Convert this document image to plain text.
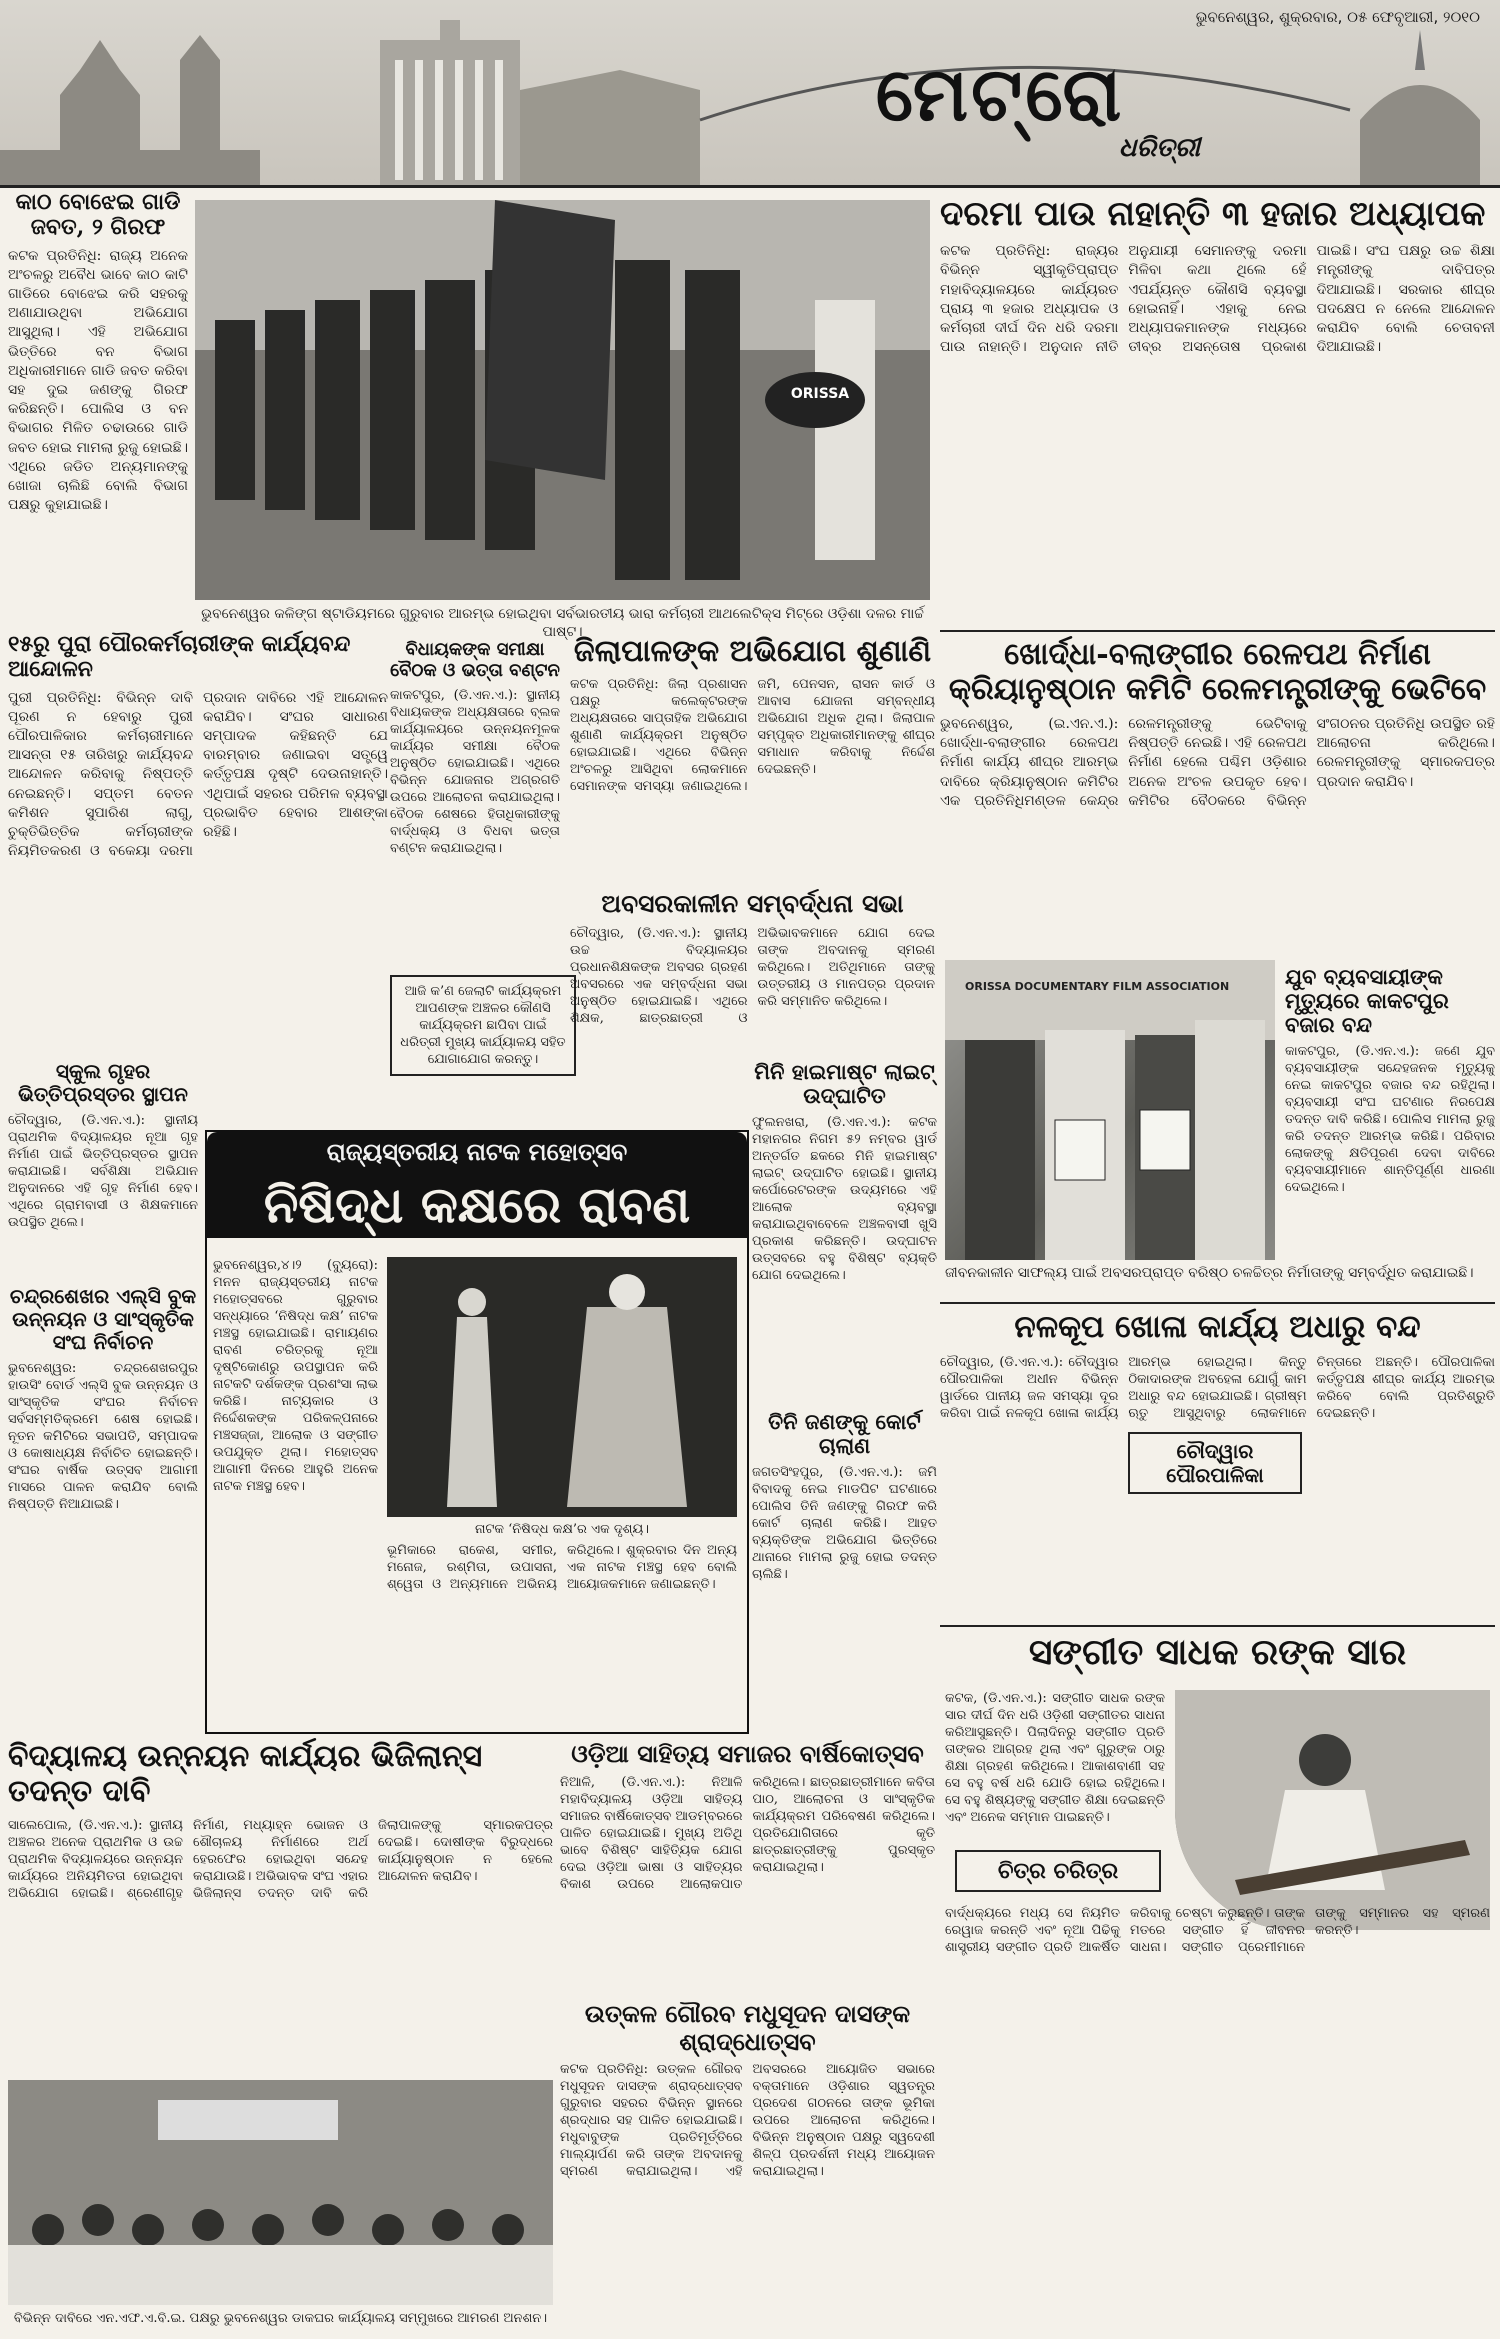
ଭୁବନେଶ୍ୱର, ଶୁକ୍ରବାର, ୦୫ ଫେବୃଆରୀ, ୨୦୧୦
ମେଟ୍ରୋ
ଧରିତ୍ରୀ
କାଠ ବୋଝେଇ ଗାଡି ଜବତ, ୨ ଗିରଫ
କଟକ ପ୍ରତିନିଧି: ରାଜ୍ୟ ଅନେକ ଅଂଚଳରୁ ଅବୈଧ ଭାବେ କାଠ କାଟି ଗାଡିରେ ବୋଝେଇ କରି ସହରକୁ ଅଣାଯାଉଥିବା ଅଭିଯୋଗ ଆସୁଥିଲା। ଏହି ଅଭିଯୋଗ ଭିତ୍ତିରେ ବନ ବିଭାଗ ଅଧିକାରୀମାନେ ଗାଡି ଜବତ କରିବା ସହ ଦୁଇ ଜଣଙ୍କୁ ଗିରଫ କରିଛନ୍ତି। ପୋଲିସ ଓ ବନ ବିଭାଗର ମିଳିତ ଚଢାଉରେ ଗାଡି ଜବତ ହୋଇ ମାମଲା ରୁଜୁ ହୋଇଛି। ଏଥିରେ ଜଡିତ ଅନ୍ୟମାନଙ୍କୁ ଖୋଜା ଚାଲିଛି ବୋଲି ବିଭାଗ ପକ୍ଷରୁ କୁହାଯାଇଛି।
ORISSA
ଭୁବନେଶ୍ୱର କଳିଙ୍ଗ ଷ୍ଟାଡିୟମରେ ଗୁରୁବାର ଆରମ୍ଭ ହୋଇଥିବା ସର୍ବଭାରତୀୟ ଭାରା କର୍ମଚାରୀ ଆଥଲେଟିକ୍ସ ମିଟ୍‌ରେ ଓଡ଼ିଶା ଦଳର ମାର୍ଚ୍ଚ ପାଷ୍ଟ।
ଦରମା ପାଉ ନାହାନ୍ତି ୩ ହଜାର ଅଧ୍ୟାପକ
କଟକ ପ୍ରତିନିଧି: ରାଜ୍ୟର ବିଭିନ୍ନ ସ୍ୱୀକୃତିପ୍ରାପ୍ତ ମହାବିଦ୍ୟାଳୟରେ କାର୍ଯ୍ୟରତ ପ୍ରାୟ ୩ ହଜାର ଅଧ୍ୟାପକ ଓ କର୍ମଚାରୀ ଦୀର୍ଘ ଦିନ ଧରି ଦରମା ପାଉ ନାହାନ୍ତି। ଅନୁଦାନ ନୀତି ଅନୁଯାୟୀ ସେମାନଙ୍କୁ ଦରମା ମିଳିବା କଥା ଥିଲେ ହେଁ ଏପର୍ଯ୍ୟନ୍ତ କୌଣସି ବ୍ୟବସ୍ଥା ହୋଇନାହିଁ। ଏହାକୁ ନେଇ ଅଧ୍ୟାପକମାନଙ୍କ ମଧ୍ୟରେ ତୀବ୍ର ଅସନ୍ତୋଷ ପ୍ରକାଶ ପାଇଛି। ସଂଘ ପକ୍ଷରୁ ଉଚ୍ଚ ଶିକ୍ଷା ମନ୍ତ୍ରୀଙ୍କୁ ଦାବିପତ୍ର ଦିଆଯାଇଛି। ସରକାର ଶୀଘ୍ର ପଦକ୍ଷେପ ନ ନେଲେ ଆନ୍ଦୋଳନ କରାଯିବ ବୋଲି ଚେତାବନୀ ଦିଆଯାଇଛି।
ଖୋର୍ଦ୍ଧା-ବଲାଙ୍ଗୀର ରେଳପଥ ନିର୍ମାଣ
କ୍ରିୟାନୁଷ୍ଠାନ କମିଟି ରେଳମନ୍ତ୍ରୀଙ୍କୁ ଭେଟିବେ
ଭୁବନେଶ୍ୱର, (ଇ.ଏନ.ଏ.): ଖୋର୍ଦ୍ଧା-ବଲାଙ୍ଗୀର ରେଳପଥ ନିର୍ମାଣ କାର୍ଯ୍ୟ ଶୀଘ୍ର ଆରମ୍ଭ ଦାବିରେ କ୍ରିୟାନୁଷ୍ଠାନ କମିଟିର ଏକ ପ୍ରତିନିଧିମଣ୍ଡଳ କେନ୍ଦ୍ର ରେଳମନ୍ତ୍ରୀଙ୍କୁ ଭେଟିବାକୁ ନିଷ୍ପତ୍ତି ନେଇଛି। ଏହି ରେଳପଥ ନିର୍ମାଣ ହେଲେ ପଶ୍ଚିମ ଓଡ଼ିଶାର ଅନେକ ଅଂଚଳ ଉପକୃତ ହେବ। କମିଟିର ବୈଠକରେ ବିଭିନ୍ନ ସଂଗଠନର ପ୍ରତିନିଧି ଉପସ୍ଥିତ ରହି ଆଲୋଚନା କରିଥିଲେ। ରେଳମନ୍ତ୍ରୀଙ୍କୁ ସ୍ମାରକପତ୍ର ପ୍ରଦାନ କରାଯିବ।
ORISSA DOCUMENTARY FILM ASSOCIATION
ଜୀବନକାଳୀନ ସାଫଲ୍ୟ ପାଇଁ ଅବସରପ୍ରାପ୍ତ ବରିଷ୍ଠ ଚଳଚ୍ଚିତ୍ର ନିର୍ମାତାଙ୍କୁ ସମ୍ବର୍ଦ୍ଧିତ କରାଯାଇଛି।
ଯୁବ ବ୍ୟବସାୟୀଙ୍କ ମୃତ୍ୟୁରେ କାକଟପୁର ବଜାର ବନ୍ଦ
କାକଟପୁର, (ଡି.ଏନ.ଏ.): ଜଣେ ଯୁବ ବ୍ୟବସାୟୀଙ୍କ ସନ୍ଦେହଜନକ ମୃତ୍ୟୁକୁ ନେଇ କାକଟପୁର ବଜାର ବନ୍ଦ ରହିଥିଲା। ବ୍ୟବସାୟୀ ସଂଘ ଘଟଣାର ନିରପେକ୍ଷ ତଦନ୍ତ ଦାବି କରିଛି। ପୋଲିସ ମାମଲା ରୁଜୁ କରି ତଦନ୍ତ ଆରମ୍ଭ କରିଛି। ପରିବାର ଲୋକଙ୍କୁ କ୍ଷତିପୂରଣ ଦେବା ଦାବିରେ ବ୍ୟବସାୟୀମାନେ ଶାନ୍ତିପୂର୍ଣ୍ଣ ଧାରଣା ଦେଇଥିଲେ।
୧୫ରୁ ପୁରା ପୌରକର୍ମଚାରୀଙ୍କ କାର୍ଯ୍ୟବନ୍ଦ ଆନ୍ଦୋଳନ
ପୁରୀ ପ୍ରତିନିଧି: ବିଭିନ୍ନ ଦାବି ପୂରଣ ନ ହେବାରୁ ପୁରୀ ପୌରପାଳିକାର କର୍ମଚାରୀମାନେ ଆସନ୍ତା ୧୫ ତାରିଖରୁ କାର୍ଯ୍ୟବନ୍ଦ ଆନ୍ଦୋଳନ କରିବାକୁ ନିଷ୍ପତ୍ତି ନେଇଛନ୍ତି। ସପ୍ତମ ବେତନ କମିଶନ ସୁପାରିଶ ଲାଗୁ, ଚୁକ୍ତିଭିତ୍ତିକ କର୍ମଚାରୀଙ୍କ ନିୟମିତକରଣ ଓ ବକେୟା ଦରମା ପ୍ରଦାନ ଦାବିରେ ଏହି ଆନ୍ଦୋଳନ କରାଯିବ। ସଂଘର ସାଧାରଣ ସମ୍ପାଦକ କହିଛନ୍ତି ଯେ ବାରମ୍ବାର ଜଣାଇବା ସତ୍ତ୍ୱେ କର୍ତ୍ତୃପକ୍ଷ ଦୃଷ୍ଟି ଦେଉନାହାନ୍ତି। ଏଥିପାଇଁ ସହରର ପରିମଳ ବ୍ୟବସ୍ଥା ପ୍ରଭାବିତ ହେବାର ଆଶଙ୍କା ରହିଛି।
ବିଧାୟକଙ୍କ ସମୀକ୍ଷା ବୈଠକ ଓ ଭତ୍ତା ବଣ୍ଟନ
କାକଟପୁର, (ଡି.ଏନ.ଏ.): ସ୍ଥାନୀୟ ବିଧାୟକଙ୍କ ଅଧ୍ୟକ୍ଷତାରେ ବ୍ଲକ କାର୍ଯ୍ୟାଳୟରେ ଉନ୍ନୟନମୂଳକ କାର୍ଯ୍ୟର ସମୀକ୍ଷା ବୈଠକ ଅନୁଷ୍ଠିତ ହୋଇଯାଇଛି। ଏଥିରେ ବିଭିନ୍ନ ଯୋଜନାର ଅଗ୍ରଗତି ଉପରେ ଆଲୋଚନା କରାଯାଇଥିଲା। ବୈଠକ ଶେଷରେ ହିତାଧିକାରୀଙ୍କୁ ବାର୍ଦ୍ଧକ୍ୟ ଓ ବିଧବା ଭତ୍ତା ବଣ୍ଟନ କରାଯାଇଥିଲା।
ଆଜି କ’ଣ ଜେଲାଟି କାର୍ଯ୍ୟକ୍ରମ ଆପଣଙ୍କ ଅଞ୍ଚଳର କୌଣସି କାର୍ଯ୍ୟକ୍ରମ ଛାପିବା ପାଇଁ ଧରିତ୍ରୀ ମୁଖ୍ୟ କାର୍ଯ୍ୟାଳୟ ସହିତ ଯୋଗାଯୋଗ କରନ୍ତୁ।
ଜିଲାପାଳଙ୍କ ଅଭିଯୋଗ ଶୁଣାଣି
କଟକ ପ୍ରତିନିଧି: ଜିଲା ପ୍ରଶାସନ ପକ୍ଷରୁ କଲେକ୍ଟରଙ୍କ ଅଧ୍ୟକ୍ଷତାରେ ସାପ୍ତାହିକ ଅଭିଯୋଗ ଶୁଣାଣି କାର୍ଯ୍ୟକ୍ରମ ଅନୁଷ୍ଠିତ ହୋଇଯାଇଛି। ଏଥିରେ ବିଭିନ୍ନ ଅଂଚଳରୁ ଆସିଥିବା ଲୋକମାନେ ସେମାନଙ୍କ ସମସ୍ୟା ଜଣାଇଥିଲେ। ଜମି, ପେନସନ, ରାସନ କାର୍ଡ ଓ ଆବାସ ଯୋଜନା ସମ୍ବନ୍ଧୀୟ ଅଭିଯୋଗ ଅଧିକ ଥିଲା। ଜିଲାପାଳ ସମ୍ପୃକ୍ତ ଅଧିକାରୀମାନଙ୍କୁ ଶୀଘ୍ର ସମାଧାନ କରିବାକୁ ନିର୍ଦ୍ଦେଶ ଦେଇଛନ୍ତି।
ଅବସରକାଳୀନ ସମ୍ବର୍ଦ୍ଧନା ସଭା
ଚୌଦ୍ୱାର, (ଡି.ଏନ.ଏ.): ସ୍ଥାନୀୟ ଉଚ୍ଚ ବିଦ୍ୟାଳୟର ପ୍ରଧାନଶିକ୍ଷକଙ୍କ ଅବସର ଗ୍ରହଣ ଅବସରରେ ଏକ ସମ୍ବର୍ଦ୍ଧନା ସଭା ଅନୁଷ୍ଠିତ ହୋଇଯାଇଛି। ଏଥିରେ ଶିକ୍ଷକ, ଛାତ୍ରଛାତ୍ରୀ ଓ ଅଭିଭାବକମାନେ ଯୋଗ ଦେଇ ତାଙ୍କ ଅବଦାନକୁ ସ୍ମରଣ କରିଥିଲେ। ଅତିଥିମାନେ ତାଙ୍କୁ ଉତ୍ତରୀୟ ଓ ମାନପତ୍ର ପ୍ରଦାନ କରି ସମ୍ମାନିତ କରିଥିଲେ।
ସ୍କୁଲ ଗୃହର ଭିତ୍ତିପ୍ରସ୍ତର ସ୍ଥାପନ
ଚୌଦ୍ୱାର, (ଡି.ଏନ.ଏ.): ସ୍ଥାନୀୟ ପ୍ରାଥମିକ ବିଦ୍ୟାଳୟର ନୂଆ ଗୃହ ନିର୍ମାଣ ପାଇଁ ଭିତ୍ତିପ୍ରସ୍ତର ସ୍ଥାପନ କରାଯାଇଛି। ସର୍ବଶିକ୍ଷା ଅଭିଯାନ ଅନୁଦାନରେ ଏହି ଗୃହ ନିର୍ମାଣ ହେବ। ଏଥିରେ ଗ୍ରାମବାସୀ ଓ ଶିକ୍ଷକମାନେ ଉପସ୍ଥିତ ଥିଲେ।
ଚନ୍ଦ୍ରଶେଖର ଏଲ୍ସି ବୁକ ଉନ୍ନୟନ ଓ ସାଂସ୍କୃତିକ ସଂଘ ନିର୍ବାଚନ
ଭୁବନେଶ୍ୱର: ଚନ୍ଦ୍ରଶେଖରପୁର ହାଉସିଂ ବୋର୍ଡ ଏଲ୍ସି ବୁକ ଉନ୍ନୟନ ଓ ସାଂସ୍କୃତିକ ସଂଘର ନିର୍ବାଚନ ସର୍ବସମ୍ମତିକ୍ରମେ ଶେଷ ହୋଇଛି। ନୂତନ କମିଟିରେ ସଭାପତି, ସମ୍ପାଦକ ଓ କୋଷାଧ୍ୟକ୍ଷ ନିର୍ବାଚିତ ହୋଇଛନ୍ତି। ସଂଘର ବାର୍ଷିକ ଉତ୍ସବ ଆଗାମୀ ମାସରେ ପାଳନ କରାଯିବ ବୋଲି ନିଷ୍ପତ୍ତି ନିଆଯାଇଛି।
ରାଜ୍ୟସ୍ତରୀୟ ନାଟକ ମହୋତ୍ସବ
ନିଷିଦ୍ଧ କକ୍ଷରେ ରାବଣ
ଭୁବନେଶ୍ୱର,୪।୨ (ବ୍ୟୁରୋ): ମନନ ରାଜ୍ୟସ୍ତରୀୟ ନାଟକ ମହୋତ୍ସବରେ ଗୁରୁବାର ସନ୍ଧ୍ୟାରେ ‘ନିଷିଦ୍ଧ କକ୍ଷ’ ନାଟକ ମଞ୍ଚସ୍ଥ ହୋଇଯାଇଛି। ରାମାୟଣର ରାବଣ ଚରିତ୍ରକୁ ନୂଆ ଦୃଷ୍ଟିକୋଣରୁ ଉପସ୍ଥାପନ କରି ନାଟକଟି ଦର୍ଶକଙ୍କ ପ୍ରଶଂସା ଲାଭ କରିଛି। ନାଟ୍ୟକାର ଓ ନିର୍ଦ୍ଦେଶକଙ୍କ ପରିକଳ୍ପନାରେ ମଞ୍ଚସଜ୍ଜା, ଆଲୋକ ଓ ସଙ୍ଗୀତ ଉପଯୁକ୍ତ ଥିଲା। ମହୋତ୍ସବ ଆଗାମୀ ଦିନରେ ଆହୁରି ଅନେକ ନାଟକ ମଞ୍ଚସ୍ଥ ହେବ।
ନାଟକ ‘ନିଷିଦ୍ଧ କକ୍ଷ’ର ଏକ ଦୃଶ୍ୟ।
ଭୂମିକାରେ ରାକେଶ, ସମୀର, ମନୋଜ, ରଶ୍ମିତା, ଉପାସନା, ଶ୍ୱେତା ଓ ଅନ୍ୟମାନେ ଅଭିନୟ କରିଥିଲେ। ଶୁକ୍ରବାର ଦିନ ଅନ୍ୟ ଏକ ନାଟକ ମଞ୍ଚସ୍ଥ ହେବ ବୋଲି ଆୟୋଜକମାନେ ଜଣାଇଛନ୍ତି।
ମିନି ହାଇମାଷ୍ଟ ଲାଇଟ୍ ଉଦ୍‌ଘାଟିତ
ଫୁଲନଖରା, (ଡି.ଏନ.ଏ.): କଟକ ମହାନଗର ନିଗମ ୫୨ ନମ୍ବର ୱାର୍ଡ ଅନ୍ତର୍ଗତ ଛକରେ ମିନି ହାଇମାଷ୍ଟ ଲାଇଟ୍ ଉଦ୍‌ଘାଟିତ ହୋଇଛି। ସ୍ଥାନୀୟ କର୍ପୋରେଟରଙ୍କ ଉଦ୍ୟମରେ ଏହି ଆଲୋକ ବ୍ୟବସ୍ଥା କରାଯାଇଥିବାବେଳେ ଅଞ୍ଚଳବାସୀ ଖୁସି ପ୍ରକାଶ କରିଛନ୍ତି। ଉଦ୍‌ଘାଟନ ଉତ୍ସବରେ ବହୁ ବିଶିଷ୍ଟ ବ୍ୟକ୍ତି ଯୋଗ ଦେଇଥିଲେ।
ତିନି ଜଣଙ୍କୁ କୋର୍ଟ ଚାଲାଣ
ଜଗତସିଂହପୁର, (ଡି.ଏନ.ଏ.): ଜମି ବିବାଦକୁ ନେଇ ମାଡପିଟ ଘଟଣାରେ ପୋଲିସ ତିନି ଜଣଙ୍କୁ ଗିରଫ କରି କୋର୍ଟ ଚାଲାଣ କରିଛି। ଆହତ ବ୍ୟକ୍ତିଙ୍କ ଅଭିଯୋଗ ଭିତ୍ତିରେ ଥାନାରେ ମାମଲା ରୁଜୁ ହୋଇ ତଦନ୍ତ ଚାଲିଛି।
ନଳକୂପ ଖୋଳା କାର୍ଯ୍ୟ ଅଧାରୁ ବନ୍ଦ
ଚୌଦ୍ୱାର, (ଡି.ଏନ.ଏ.): ଚୌଦ୍ୱାର ପୌରପାଳିକା ଅଧୀନ ବିଭିନ୍ନ ୱାର୍ଡରେ ପାନୀୟ ଜଳ ସମସ୍ୟା ଦୂର କରିବା ପାଇଁ ନଳକୂପ ଖୋଳା କାର୍ଯ୍ୟ ଆରମ୍ଭ ହୋଇଥିଲା। କିନ୍ତୁ ଠିକାଦାରଙ୍କ ଅବହେଳା ଯୋଗୁଁ କାମ ଅଧାରୁ ବନ୍ଦ ହୋଇଯାଇଛି। ଗ୍ରୀଷ୍ମ ଋତୁ ଆସୁଥିବାରୁ ଲୋକମାନେ ଚିନ୍ତାରେ ଅଛନ୍ତି। ପୌରପାଳିକା କର୍ତ୍ତୃପକ୍ଷ ଶୀଘ୍ର କାର୍ଯ୍ୟ ଆରମ୍ଭ କରିବେ ବୋଲି ପ୍ରତିଶ୍ରୁତି ଦେଇଛନ୍ତି।
ଚୌଦ୍ୱାର ପୌରପାଳିକା
ସଙ୍ଗୀତ ସାଧକ ରଙ୍କ ସାର
କଟକ, (ଡି.ଏନ.ଏ.): ସଙ୍ଗୀତ ସାଧକ ରଙ୍କ ସାର ଦୀର୍ଘ ଦିନ ଧରି ଓଡ଼ିଶୀ ସଙ୍ଗୀତର ସାଧନା କରିଆସୁଛନ୍ତି। ପିଲାଦିନରୁ ସଙ୍ଗୀତ ପ୍ରତି ତାଙ୍କର ଆଗ୍ରହ ଥିଲା ଏବଂ ଗୁରୁଙ୍କ ଠାରୁ ଶିକ୍ଷା ଗ୍ରହଣ କରିଥିଲେ। ଆକାଶବାଣୀ ସହ ସେ ବହୁ ବର୍ଷ ଧରି ଯୋଡି ହୋଇ ରହିଥିଲେ। ସେ ବହୁ ଶିଷ୍ୟଙ୍କୁ ସଙ୍ଗୀତ ଶିକ୍ଷା ଦେଇଛନ୍ତି ଏବଂ ଅନେକ ସମ୍ମାନ ପାଇଛନ୍ତି।
ଚିତ୍ର ଚରିତ୍ର
ବାର୍ଦ୍ଧକ୍ୟରେ ମଧ୍ୟ ସେ ନିୟମିତ ରେୱାଜ କରନ୍ତି ଏବଂ ନୂଆ ପିଢିକୁ ଶାସ୍ତ୍ରୀୟ ସଙ୍ଗୀତ ପ୍ରତି ଆକର୍ଷିତ କରିବାକୁ ଚେଷ୍ଟା କରୁଛନ୍ତି। ତାଙ୍କ ମତରେ ସଙ୍ଗୀତ ହିଁ ଜୀବନର ସାଧନା। ସଙ୍ଗୀତ ପ୍ରେମୀମାନେ ତାଙ୍କୁ ସମ୍ମାନର ସହ ସ୍ମରଣ କରନ୍ତି।
ବିଦ୍ୟାଳୟ ଉନ୍ନୟନ କାର୍ଯ୍ୟର ଭିଜିଲାନ୍ସ ତଦନ୍ତ ଦାବି
ସାଲେପୋଲ, (ଡି.ଏନ.ଏ.): ସ୍ଥାନୀୟ ଅଞ୍ଚଳର ଅନେକ ପ୍ରାଥମିକ ଓ ଉଚ୍ଚ ପ୍ରାଥମିକ ବିଦ୍ୟାଳୟରେ ଉନ୍ନୟନ କାର୍ଯ୍ୟରେ ଅନିୟମିତତା ହୋଇଥିବା ଅଭିଯୋଗ ହୋଇଛି। ଶ୍ରେଣୀଗୃହ ନିର୍ମାଣ, ମଧ୍ୟାହ୍ନ ଭୋଜନ ଓ ଶୌଚାଳୟ ନିର୍ମାଣରେ ଅର୍ଥ ହେରଫେର ହୋଇଥିବା ସନ୍ଦେହ କରାଯାଉଛି। ଅଭିଭାବକ ସଂଘ ଏହାର ଭିଜିଲାନ୍ସ ତଦନ୍ତ ଦାବି କରି ଜିଲାପାଳଙ୍କୁ ସ୍ମାରକପତ୍ର ଦେଇଛି। ଦୋଷୀଙ୍କ ବିରୁଦ୍ଧରେ କାର୍ଯ୍ୟାନୁଷ୍ଠାନ ନ ହେଲେ ଆନ୍ଦୋଳନ କରାଯିବ।
ଓଡ଼ିଆ ସାହିତ୍ୟ ସମାଜର ବାର୍ଷିକୋତ୍ସବ
ନିଆଳି, (ଡି.ଏନ.ଏ.): ନିଆଳି ମହାବିଦ୍ୟାଳୟ ଓଡ଼ିଆ ସାହିତ୍ୟ ସମାଜର ବାର୍ଷିକୋତ୍ସବ ଆଡମ୍ବରରେ ପାଳିତ ହୋଇଯାଇଛି। ମୁଖ୍ୟ ଅତିଥି ଭାବେ ବିଶିଷ୍ଟ ସାହିତ୍ୟିକ ଯୋଗ ଦେଇ ଓଡ଼ିଆ ଭାଷା ଓ ସାହିତ୍ୟର ବିକାଶ ଉପରେ ଆଲୋକପାତ କରିଥିଲେ। ଛାତ୍ରଛାତ୍ରୀମାନେ କବିତା ପାଠ, ଆଲୋଚନା ଓ ସାଂସ୍କୃତିକ କାର୍ଯ୍ୟକ୍ରମ ପରିବେଷଣ କରିଥିଲେ। ପ୍ରତିଯୋଗିତାରେ କୃତି ଛାତ୍ରଛାତ୍ରୀଙ୍କୁ ପୁରସ୍କୃତ କରାଯାଇଥିଲା।
ଉତ୍କଳ ଗୌରବ ମଧୁସୂଦନ ଦାସଙ୍କ ଶ୍ରାଦ୍ଧୋତ୍ସବ
କଟକ ପ୍ରତିନିଧି: ଉତ୍କଳ ଗୌରବ ମଧୁସୂଦନ ଦାସଙ୍କ ଶ୍ରାଦ୍ଧୋତ୍ସବ ଗୁରୁବାର ସହରର ବିଭିନ୍ନ ସ୍ଥାନରେ ଶ୍ରଦ୍ଧାର ସହ ପାଳିତ ହୋଇଯାଇଛି। ମଧୁବାବୁଙ୍କ ପ୍ରତିମୂର୍ତ୍ତିରେ ମାଲ୍ୟାର୍ପଣ କରି ତାଙ୍କ ଅବଦାନକୁ ସ୍ମରଣ କରାଯାଇଥିଲା। ଏହି ଅବସରରେ ଆୟୋଜିତ ସଭାରେ ବକ୍ତାମାନେ ଓଡ଼ିଶାର ସ୍ୱତନ୍ତ୍ର ପ୍ରଦେଶ ଗଠନରେ ତାଙ୍କ ଭୂମିକା ଉପରେ ଆଲୋଚନା କରିଥିଲେ। ବିଭିନ୍ନ ଅନୁଷ୍ଠାନ ପକ୍ଷରୁ ସ୍ୱଦେଶୀ ଶିଳ୍ପ ପ୍ରଦର୍ଶନୀ ମଧ୍ୟ ଆୟୋଜନ କରାଯାଇଥିଲା।
ବିଭିନ୍ନ ଦାବିରେ ଏନ.ଏଫ.ଏ.ବି.ଇ. ପକ୍ଷରୁ ଭୁବନେଶ୍ୱର ଡାକଘର କାର୍ଯ୍ୟାଳୟ ସମ୍ମୁଖରେ ଆମରଣ ଅନଶନ।
